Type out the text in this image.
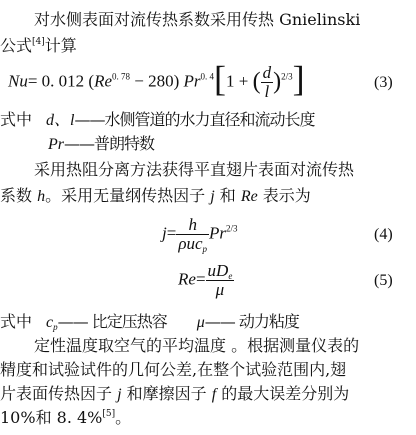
对水侧表面对流传热系数采用传热 Gnielinski
公式[4]计算
Nu= 0. 012 $(Re^{0. 78} - 280) Pr^{0. 4}[1$ + ( $\frac{d}{l} )^{2/3}$]	(3)
式中 d、l——水侧管道的水力直径和流动长度
Pr——普朗特数
采用热阻分离方法获得平直翅片表面对流传热
系数 h。采用无量纲传热因子 j 和 Re 表示为
$j= \frac{h}{\rho uc_p} Pr^{2/3}$	(4)
$Re= \frac{uD_e}{\mu}$	(5)
式中 $c_p——$ 比定压热容 μ—— 动力粘度
定性温度取空气的平均温度 。根据测量仪表的
精度和试验试件的几何公差,在整个试验范围内,翅
片表面传热因子 j 和摩擦因子 f 的最大误差分别为
10%和 8. 4%[5]。
